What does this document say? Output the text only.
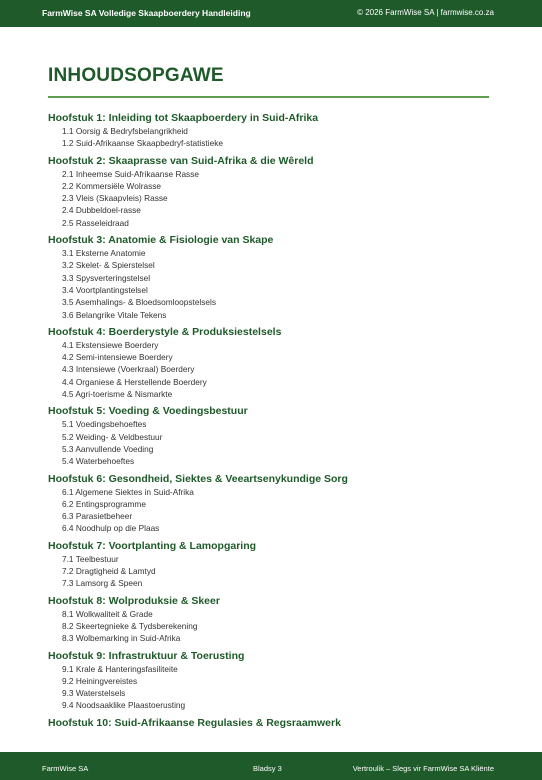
FarmWise SA Volledige Skaapboerdery Handleiding	© 2026 FarmWise SA | farmwise.co.za
INHOUDSOPGAWE
Hoofstuk 1: Inleiding tot Skaapboerdery in Suid-Afrika
1.1 Oorsig & Bedryfsbelangrikheid
1.2 Suid-Afrikaanse Skaapbedryf-statistieke
Hoofstuk 2: Skaaprasse van Suid-Afrika & die Wêreld
2.1 Inheemse Suid-Afrikaanse Rasse
2.2 Kommersiële Wolrasse
2.3 Vleis (Skaapvleis) Rasse
2.4 Dubbeldoel-rasse
2.5 Rasseleidraad
Hoofstuk 3: Anatomie & Fisiologie van Skape
3.1 Eksterne Anatomie
3.2 Skelet- & Spierstelsel
3.3 Spysverteringstelsel
3.4 Voortplantingstelsel
3.5 Asemhalings- & Bloedsomloopstelsels
3.6 Belangrike Vitale Tekens
Hoofstuk 4: Boerderystyle & Produksiestelsels
4.1 Ekstensiewe Boerdery
4.2 Semi-intensiewe Boerdery
4.3 Intensiewe (Voerkraal) Boerdery
4.4 Organiese & Herstellende Boerdery
4.5 Agri-toerisme & Nismarkte
Hoofstuk 5: Voeding & Voedingsbestuur
5.1 Voedingsbehoeftes
5.2 Weiding- & Veldbestuur
5.3 Aanvullende Voeding
5.4 Waterbehoeftes
Hoofstuk 6: Gesondheid, Siektes & Veeartsenykundige Sorg
6.1 Algemene Siektes in Suid-Afrika
6.2 Entingsprogramme
6.3 Parasietbeheer
6.4 Noodhulp op die Plaas
Hoofstuk 7: Voortplanting & Lamopgaring
7.1 Teelbestuur
7.2 Dragtigheid & Lamtyd
7.3 Lamsorg & Speen
Hoofstuk 8: Wolproduksie & Skeer
8.1 Wolkwaliteit & Grade
8.2 Skeertegnieke & Tydsberekening
8.3 Wolbemarking in Suid-Afrika
Hoofstuk 9: Infrastruktuur & Toerusting
9.1 Krale & Hanteringsfasiliteite
9.2 Heiningvereistes
9.3 Waterstelsels
9.4 Noodsaaklike Plaastoerusting
Hoofstuk 10: Suid-Afrikaanse Regulasies & Regsraamwerk
FarmWise SA	Bladsy 3	Vertroulik – Slegs vir FarmWise SA Kliënte
